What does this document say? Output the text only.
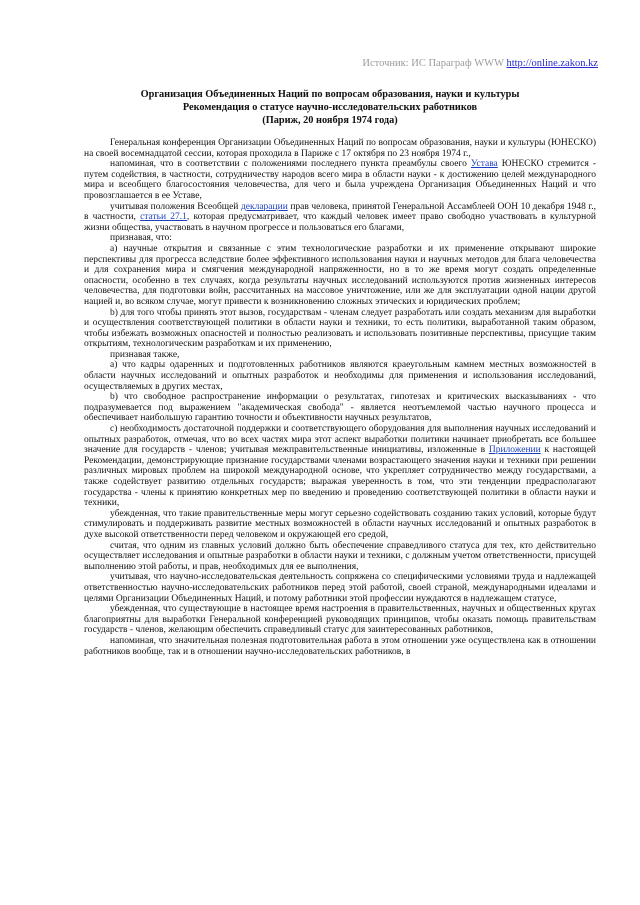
Источник: ИС Параграф WWW http://online.zakon.kz
Организация Объединенных Наций по вопросам образования, науки и культуры
Рекомендация о статусе научно-исследовательских работников
(Париж, 20 ноября 1974 года)

Генеральная конференция Организации Объединенных Наций по вопросам образования, науки и культуры (ЮНЕСКО) на своей восемнадцатой сессии, которая проходила в Париже с 17 октября по 23 ноября 1974 г.,

напоминая, что в соответствии с положениями последнего пункта преамбулы своего Устава ЮНЕСКО стремится - путем содействия, в частности, сотрудничеству народов всего мира в области науки - к достижению целей международного мира и всеобщего благосостояния человечества, для чего и была учреждена Организация Объединенных Наций и что провозглашается в ее Уставе,

учитывая положения Всеобщей декларации прав человека, принятой Генеральной Ассамблеей ООН 10 декабря 1948 г., в частности, статьи 27.1, которая предусматривает, что каждый человек имеет право свободно участвовать в культурной жизни общества, участвовать в научном прогрессе и пользоваться его благами,

признавая, что:

а) научные открытия и связанные с этим технологические разработки и их применение открывают широкие перспективы для прогресса вследствие более эффективного использования науки и научных методов для блага человечества и для сохранения мира и смягчения международной напряженности, но в то же время могут создать определенные опасности, особенно в тех случаях, когда результаты научных исследований используются против жизненных интересов человечества, для подготовки войн, рассчитанных на массовое уничтожение, или же для эксплуатации одной нации другой нацией и, во всяком случае, могут привести к возникновению сложных этических и юридических проблем;

b) для того чтобы принять этот вызов, государствам - членам следует разработать или создать механизм для выработки и осуществления соответствующей политики в области науки и техники, то есть политики, выработанной таким образом, чтобы избежать возможных опасностей и полностью реализовать и использовать позитивные перспективы, присущие таким открытиям, технологическим разработкам и их применению,

признавая также,

а) что кадры одаренных и подготовленных работников являются краеугольным камнем местных возможностей в области научных исследований и опытных разработок и необходимы для применения и использования исследований, осуществляемых в других местах,

b) что свободное распространение информации о результатах, гипотезах и критических высказываниях - что подразумевается под выражением "академическая свобода" - является неотъемлемой частью научного процесса и обеспечивает наибольшую гарантию точности и объективности научных результатов,

с) необходимость достаточной поддержки и соответствующего оборудования для выполнения научных исследований и опытных разработок, отмечая, что во всех частях мира этот аспект выработки политики начинает приобретать все большее значение для государств - членов; учитывая межправительственные инициативы, изложенные в Приложении к настоящей Рекомендации, демонстрирующие признание государствами членами возрастающего значения науки и техники при решении различных мировых проблем на широкой международной основе, что укрепляет сотрудничество между государствами, а также содействует развитию отдельных государств; выражая уверенность в том, что эти тенденции предрасполагают государства - члены к принятию конкретных мер по введению и проведению соответствующей политики в области науки и техники,

убежденная, что такие правительственные меры могут серьезно содействовать созданию таких условий, которые будут стимулировать и поддерживать развитие местных возможностей в области научных исследований и опытных разработок в духе высокой ответственности перед человеком и окружающей его средой,

считая, что одним из главных условий должно быть обеспечение справедливого статуса для тех, кто действительно осуществляет исследования и опытные разработки в области науки и техники, с должным учетом ответственности, присущей выполнению этой работы, и прав, необходимых для ее выполнения,

учитывая, что научно-исследовательская деятельность сопряжена со специфическими условиями труда и надлежащей ответственностью научно-исследовательских работников перед этой работой, своей страной, международными идеалами и целями Организации Объединенных Наций, и потому работники этой профессии нуждаются в надлежащем статусе,

убежденная, что существующие в настоящее время настроения в правительственных, научных и общественных кругах благоприятны для выработки Генеральной конференцией руководящих принципов, чтобы оказать помощь правительствам государств - членов, желающим обеспечить справедливый статус для заинтересованных работников,

напоминая, что значительная полезная подготовительная работа в этом отношении уже осуществлена как в отношении работников вообще, так и в отношении научно-исследовательских работников, в
